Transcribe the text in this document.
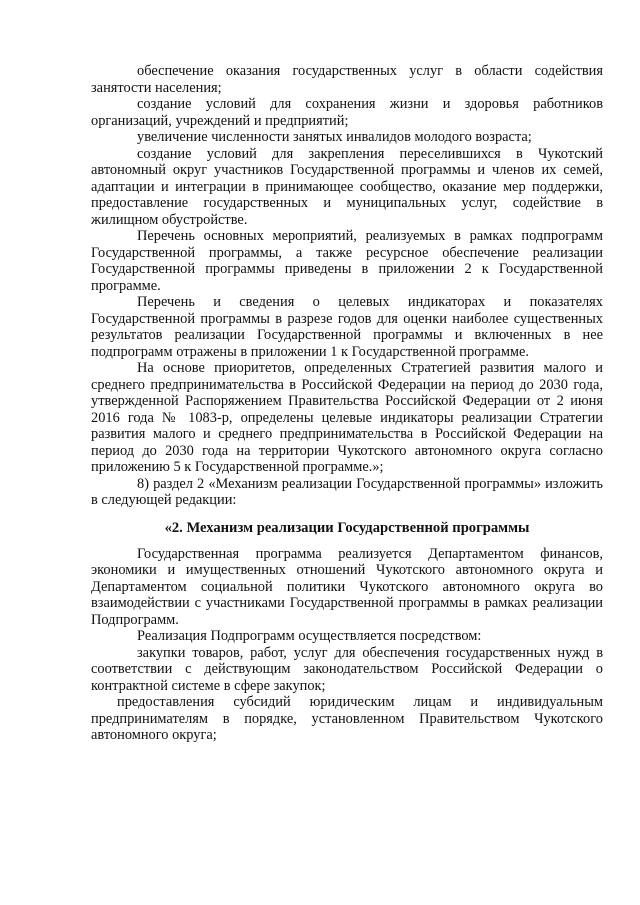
обеспечение оказания государственных услуг в области содействия занятости населения;

создание условий для сохранения жизни и здоровья работников организаций, учреждений и предприятий;

увеличение численности занятых инвалидов молодого возраста;

создание условий для закрепления переселившихся в Чукотский автономный округ участников Государственной программы и членов их семей, адаптации и интеграции в принимающее сообщество, оказание мер поддержки, предоставление государственных и муниципальных услуг, содействие в жилищном обустройстве.

Перечень основных мероприятий, реализуемых в рамках подпрограмм Государственной программы, а также ресурсное обеспечение реализации Государственной программы приведены в приложении 2 к Государственной программе.

Перечень и сведения о целевых индикаторах и показателях Государственной программы в разрезе годов для оценки наиболее существенных результатов реализации Государственной программы и включенных в нее подпрограмм отражены в приложении 1 к Государственной программе.

На основе приоритетов, определенных Стратегией развития малого и среднего предпринимательства в Российской Федерации на период до 2030 года, утвержденной Распоряжением Правительства Российской Федерации от 2 июня 2016 года № 1083-р, определены целевые индикаторы реализации Стратегии развития малого и среднего предпринимательства в Российской Федерации на период до 2030 года на территории Чукотского автономного округа согласно приложению 5 к Государственной программе.»;

8) раздел 2 «Механизм реализации Государственной программы» изложить в следующей редакции:

«2. Механизм реализации Государственной программы

Государственная программа реализуется Департаментом финансов, экономики и имущественных отношений Чукотского автономного округа и Департаментом социальной политики Чукотского автономного округа во взаимодействии с участниками Государственной программы в рамках реализации Подпрограмм.

Реализация Подпрограмм осуществляется посредством:

закупки товаров, работ, услуг для обеспечения государственных нужд в соответствии с действующим законодательством Российской Федерации о контрактной системе в сфере закупок;

предоставления субсидий юридическим лицам и индивидуальным предпринимателям в порядке, установленном Правительством Чукотского автономного округа;
